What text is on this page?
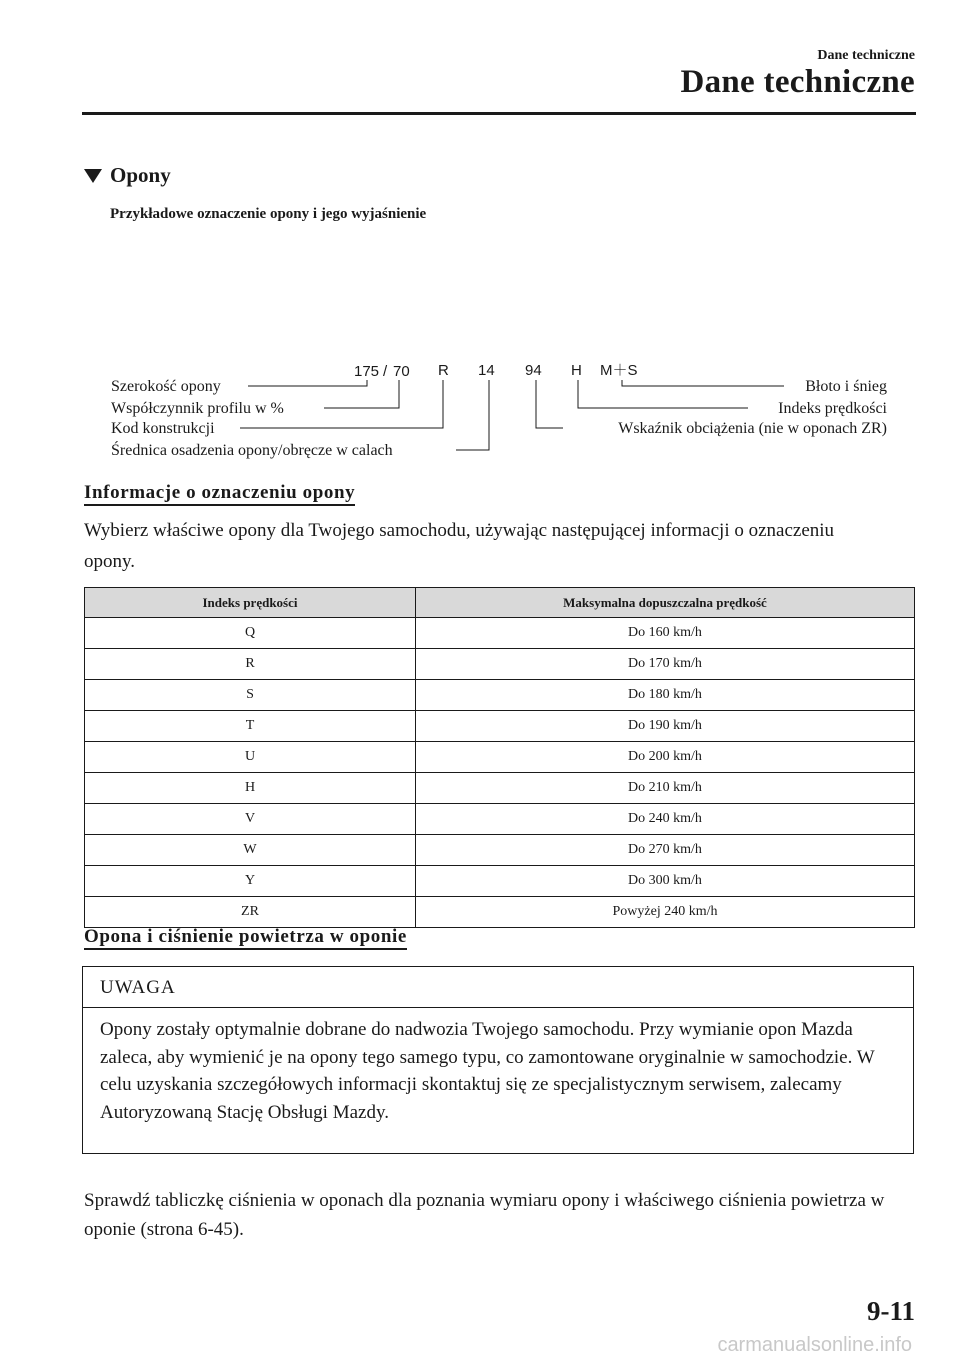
Dane techniczne
Dane techniczne
Opony
Przykładowe oznaczenie opony i jego wyjaśnienie
175 / 70 R 14 94 H M＋S
Szerokość opony
Współczynnik profilu w %
Kod konstrukcji
Średnica osadzenia opony/obręcze w calach
Błoto i śnieg
Indeks prędkości
Wskaźnik obciążenia (nie w oponach ZR)
Informacje o oznaczeniu opony
Wybierz właściwe opony dla Twojego samochodu, używając następującej informacji o oznaczeniu opony.
Indeks prędkości	Maksymalna dopuszczalna prędkość
Q	Do 160 km/h
R	Do 170 km/h
S	Do 180 km/h
T	Do 190 km/h
U	Do 200 km/h
H	Do 210 km/h
V	Do 240 km/h
W	Do 270 km/h
Y	Do 300 km/h
ZR	Powyżej 240 km/h
Opona i ciśnienie powietrza w oponie
UWAGA
Opony zostały optymalnie dobrane do nadwozia Twojego samochodu. Przy wymianie opon Mazda zaleca, aby wymienić je na opony tego samego typu, co zamontowane oryginalnie w samochodzie. W celu uzyskania szczegółowych informacji skontaktuj się ze specjalistycznym serwisem, zalecamy Autoryzowaną Stację Obsługi Mazdy.
Sprawdź tabliczkę ciśnienia w oponach dla poznania wymiaru opony i właściwego ciśnienia powietrza w oponie (strona 6-45).
9-11
carmanualsonline.info
